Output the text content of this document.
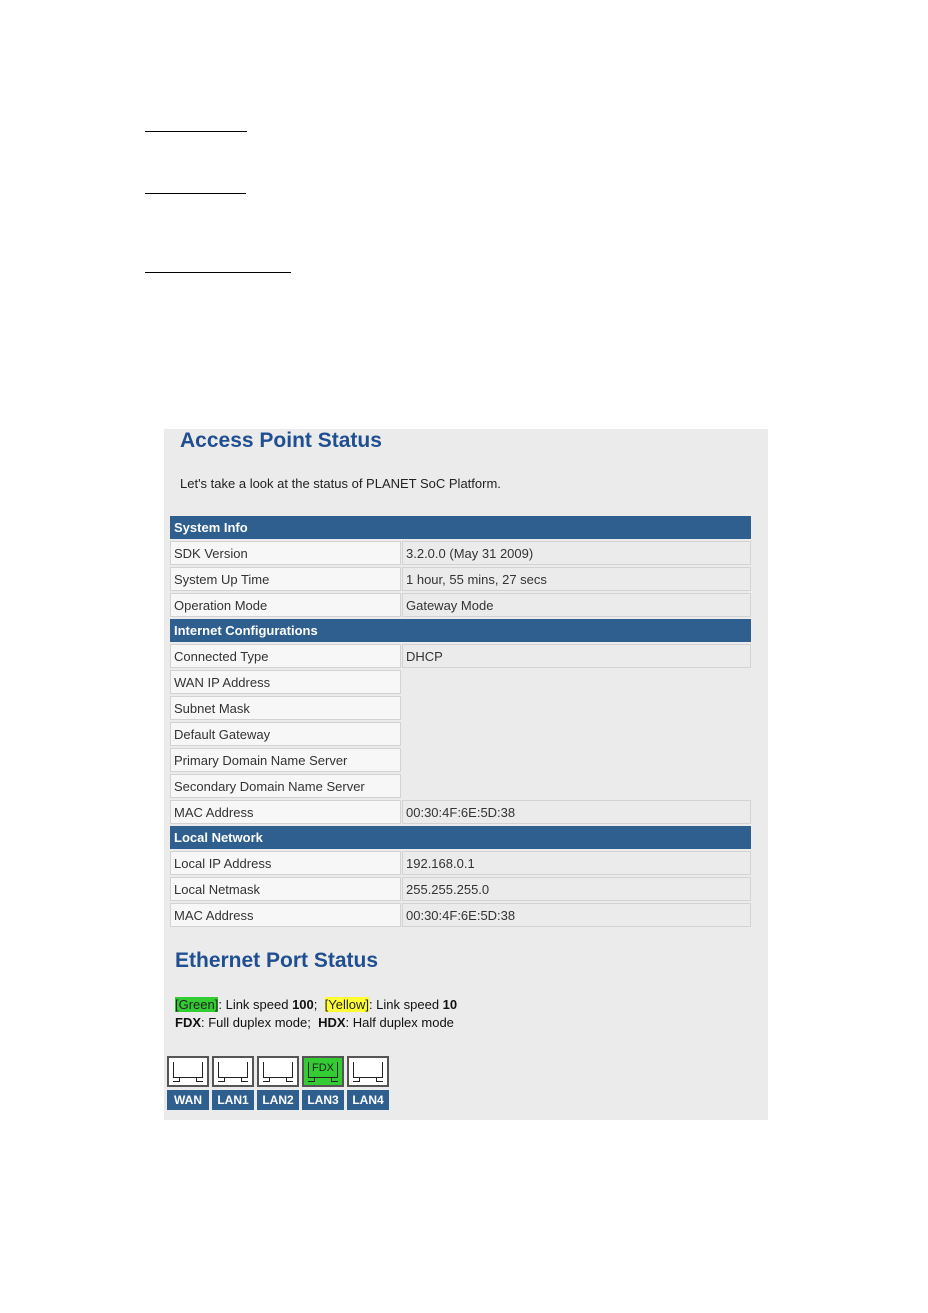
Access Point Status
Let's take a look at the status of PLANET SoC Platform.
System Info
SDK Version	3.2.0.0 (May 31 2009)
System Up Time	1 hour, 55 mins, 27 secs
Operation Mode	Gateway Mode
Internet Configurations
Connected Type	DHCP
WAN IP Address
Subnet Mask
Default Gateway
Primary Domain Name Server
Secondary Domain Name Server
MAC Address	00:30:4F:6E:5D:38
Local Network
Local IP Address	192.168.0.1
Local Netmask	255.255.255.0
MAC Address	00:30:4F:6E:5D:38
Ethernet Port Status
[Green]: Link speed 100;  [Yellow]: Link speed 10
FDX: Full duplex mode;  HDX: Half duplex mode
WAN	LAN1	LAN2
FDX
LAN3	LAN4
